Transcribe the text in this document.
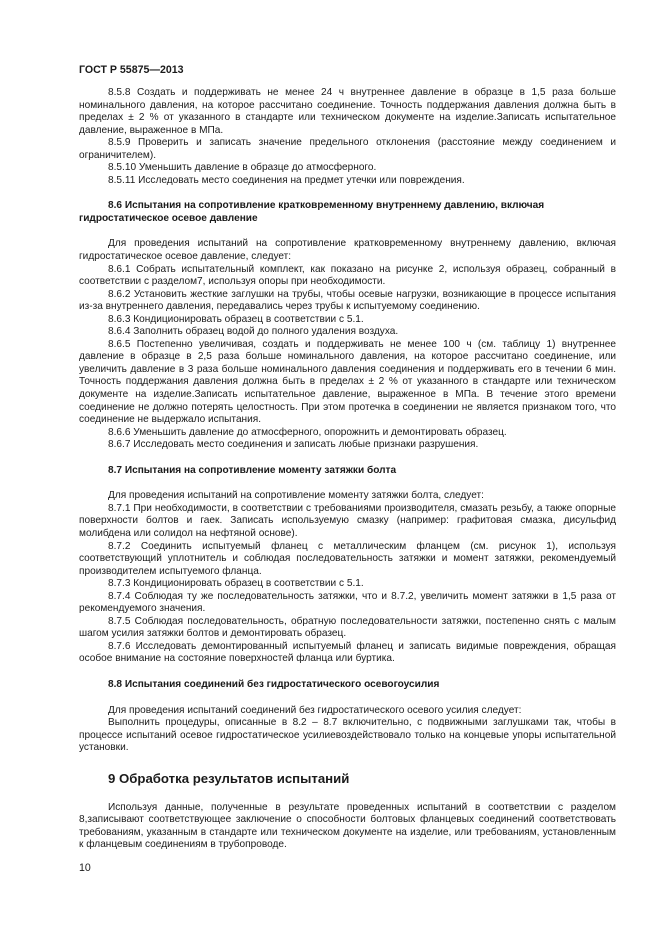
ГОСТ Р 55875—2013
8.5.8 Создать и поддерживать не менее 24 ч внутреннее давление в образце в 1,5 раза больше номинального давления, на которое рассчитано соединение. Точность поддержания давления должна быть в пределах ± 2 % от указанного в стандарте или техническом документе на изделие.Записать испытательное давление, выраженное в МПа.
8.5.9 Проверить и записать значение предельного отклонения (расстояние между соединением и ограничителем).
8.5.10 Уменьшить давление в образце до атмосферного.
8.5.11 Исследовать место соединения на предмет утечки или повреждения.
8.6 Испытания на сопротивление кратковременному внутреннему давлению, включая гидростатическое осевое давление
Для проведения испытаний на сопротивление кратковременному внутреннему давлению, включая гидростатическое осевое давление, следует:
8.6.1 Собрать испытательный комплект, как показано на рисунке 2, используя образец, собранный в соответствии с разделом7, используя опоры при необходимости.
8.6.2 Установить жесткие заглушки на трубы, чтобы осевые нагрузки, возникающие в процессе испытания из-за внутреннего давления, передавались через трубы к испытуемому соединению.
8.6.3 Кондиционировать образец в соответствии с 5.1.
8.6.4 Заполнить образец водой до полного удаления воздуха.
8.6.5 Постепенно увеличивая, создать и поддерживать не менее 100 ч (см. таблицу 1) внутреннее давление в образце в 2,5 раза больше номинального давления, на которое рассчитано соединение, или увеличить давление в 3 раза больше номинального давления соединения и поддерживать его в течении 6 мин. Точность поддержания давления должна быть в пределах ± 2 % от указанного в стандарте или техническом документе на изделие.Записать испытательное давление, выраженное в МПа. В течение этого времени соединение не должно потерять целостность. При этом протечка в соединении не является признаком того, что соединение не выдержало испытания.
8.6.6 Уменьшить давление до атмосферного, опорожнить и демонтировать образец.
8.6.7 Исследовать место соединения и записать любые признаки разрушения.
8.7 Испытания на сопротивление моменту затяжки болта
Для проведения испытаний на сопротивление моменту затяжки болта, следует:
8.7.1 При необходимости, в соответствии с требованиями производителя, смазать резьбу, а также опорные поверхности болтов и гаек. Записать используемую смазку (например: графитовая смазка, дисульфид молибдена или солидол на нефтяной основе).
8.7.2 Соединить испытуемый фланец с металлическим фланцем (см. рисунок 1), используя соответствующий уплотнитель и соблюдая последовательность затяжки и момент затяжки, рекомендуемый производителем испытуемого фланца.
8.7.3 Кондиционировать образец в соответствии с 5.1.
8.7.4 Соблюдая ту же последовательность затяжки, что и 8.7.2, увеличить момент затяжки в 1,5 раза от рекомендуемого значения.
8.7.5 Соблюдая последовательность, обратную последовательности затяжки, постепенно снять с малым шагом усилия затяжки болтов и демонтировать образец.
8.7.6 Исследовать демонтированный испытуемый фланец и записать видимые повреждения, обращая особое внимание на состояние поверхностей фланца или буртика.
8.8 Испытания соединений без гидростатического осевогоусилия
Для проведения испытаний соединений без гидростатического осевого усилия следует:
Выполнить процедуры, описанные в 8.2 – 8.7 включительно, с подвижными заглушками так, чтобы в процессе испытаний осевое гидростатическое усилиевоздействовало только на концевые упоры испытательной установки.
9 Обработка результатов испытаний
Используя данные, полученные в результате проведенных испытаний в соответствии с разделом 8,записывают соответствующее заключение о способности болтовых фланцевых соединений соответствовать требованиям, указанным в стандарте или техническом документе на изделие, или требованиям, установленным к фланцевым соединениям в трубопроводе.
10
